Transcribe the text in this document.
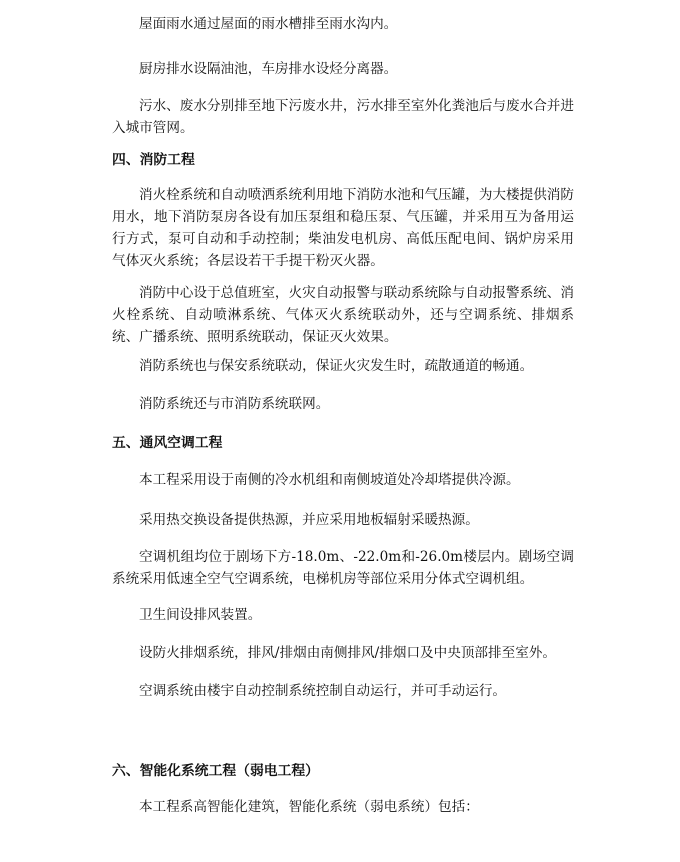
屋面雨水通过屋面的雨水槽排至雨水沟内。

厨房排水设隔油池，车房排水设烃分离器。

污水、废水分别排至地下污废水井，污水排至室外化粪池后与废水合并进入城市管网。

四、消防工程

消火栓系统和自动喷洒系统利用地下消防水池和气压罐，为大楼提供消防用水，地下消防泵房各设有加压泵组和稳压泵、气压罐，并采用互为备用运行方式，泵可自动和手动控制；柴油发电机房、高低压配电间、锅炉房采用气体灭火系统；各层设若干手提干粉灭火器。

消防中心设于总值班室，火灾自动报警与联动系统除与自动报警系统、消火栓系统、自动喷淋系统、气体灭火系统联动外，还与空调系统、排烟系统、广播系统、照明系统联动，保证灭火效果。

消防系统也与保安系统联动，保证火灾发生时，疏散通道的畅通。

消防系统还与市消防系统联网。

五、通风空调工程

本工程采用设于南侧的冷水机组和南侧坡道处冷却塔提供冷源。

采用热交换设备提供热源，并应采用地板辐射采暖热源。

空调机组均位于剧场下方-18.0m、-22.0m和-26.0m楼层内。剧场空调系统采用低速全空气空调系统，电梯机房等部位采用分体式空调机组。

卫生间设排风装置。

设防火排烟系统，排风/排烟由南侧排风/排烟口及中央顶部排至室外。

空调系统由楼宇自动控制系统控制自动运行，并可手动运行。

六、智能化系统工程（弱电工程）

本工程系高智能化建筑，智能化系统（弱电系统）包括：
